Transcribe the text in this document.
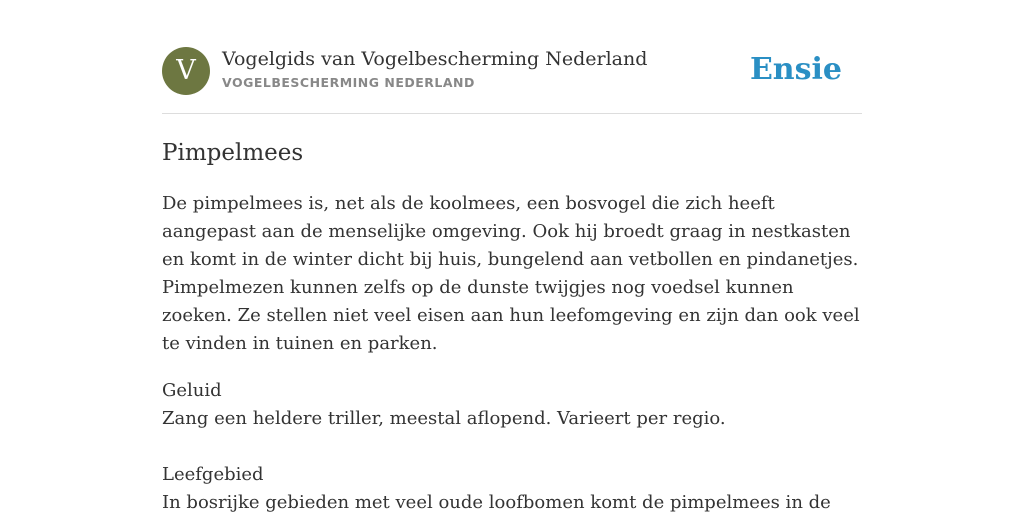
V	Vogelgids van Vogelbescherming Nederland
VOGELBESCHERMING NEDERLAND	Ensie
Pimpelmees

De pimpelmees is, net als de koolmees, een bosvogel die zich heeft aangepast aan de menselijke omgeving. Ook hij broedt graag in nestkasten en komt in de winter dicht bij huis, bungelend aan vetbollen en pindanetjes. Pimpelmezen kunnen zelfs op de dunste twijgjes nog voedsel kunnen zoeken. Ze stellen niet veel eisen aan hun leefomgeving en zijn dan ook veel te vinden in tuinen en parken.

Geluid
Zang een heldere triller, meestal aflopend. Varieert per regio.
Leefgebied
In bosrijke gebieden met veel oude loofbomen komt de pimpelmees in de
